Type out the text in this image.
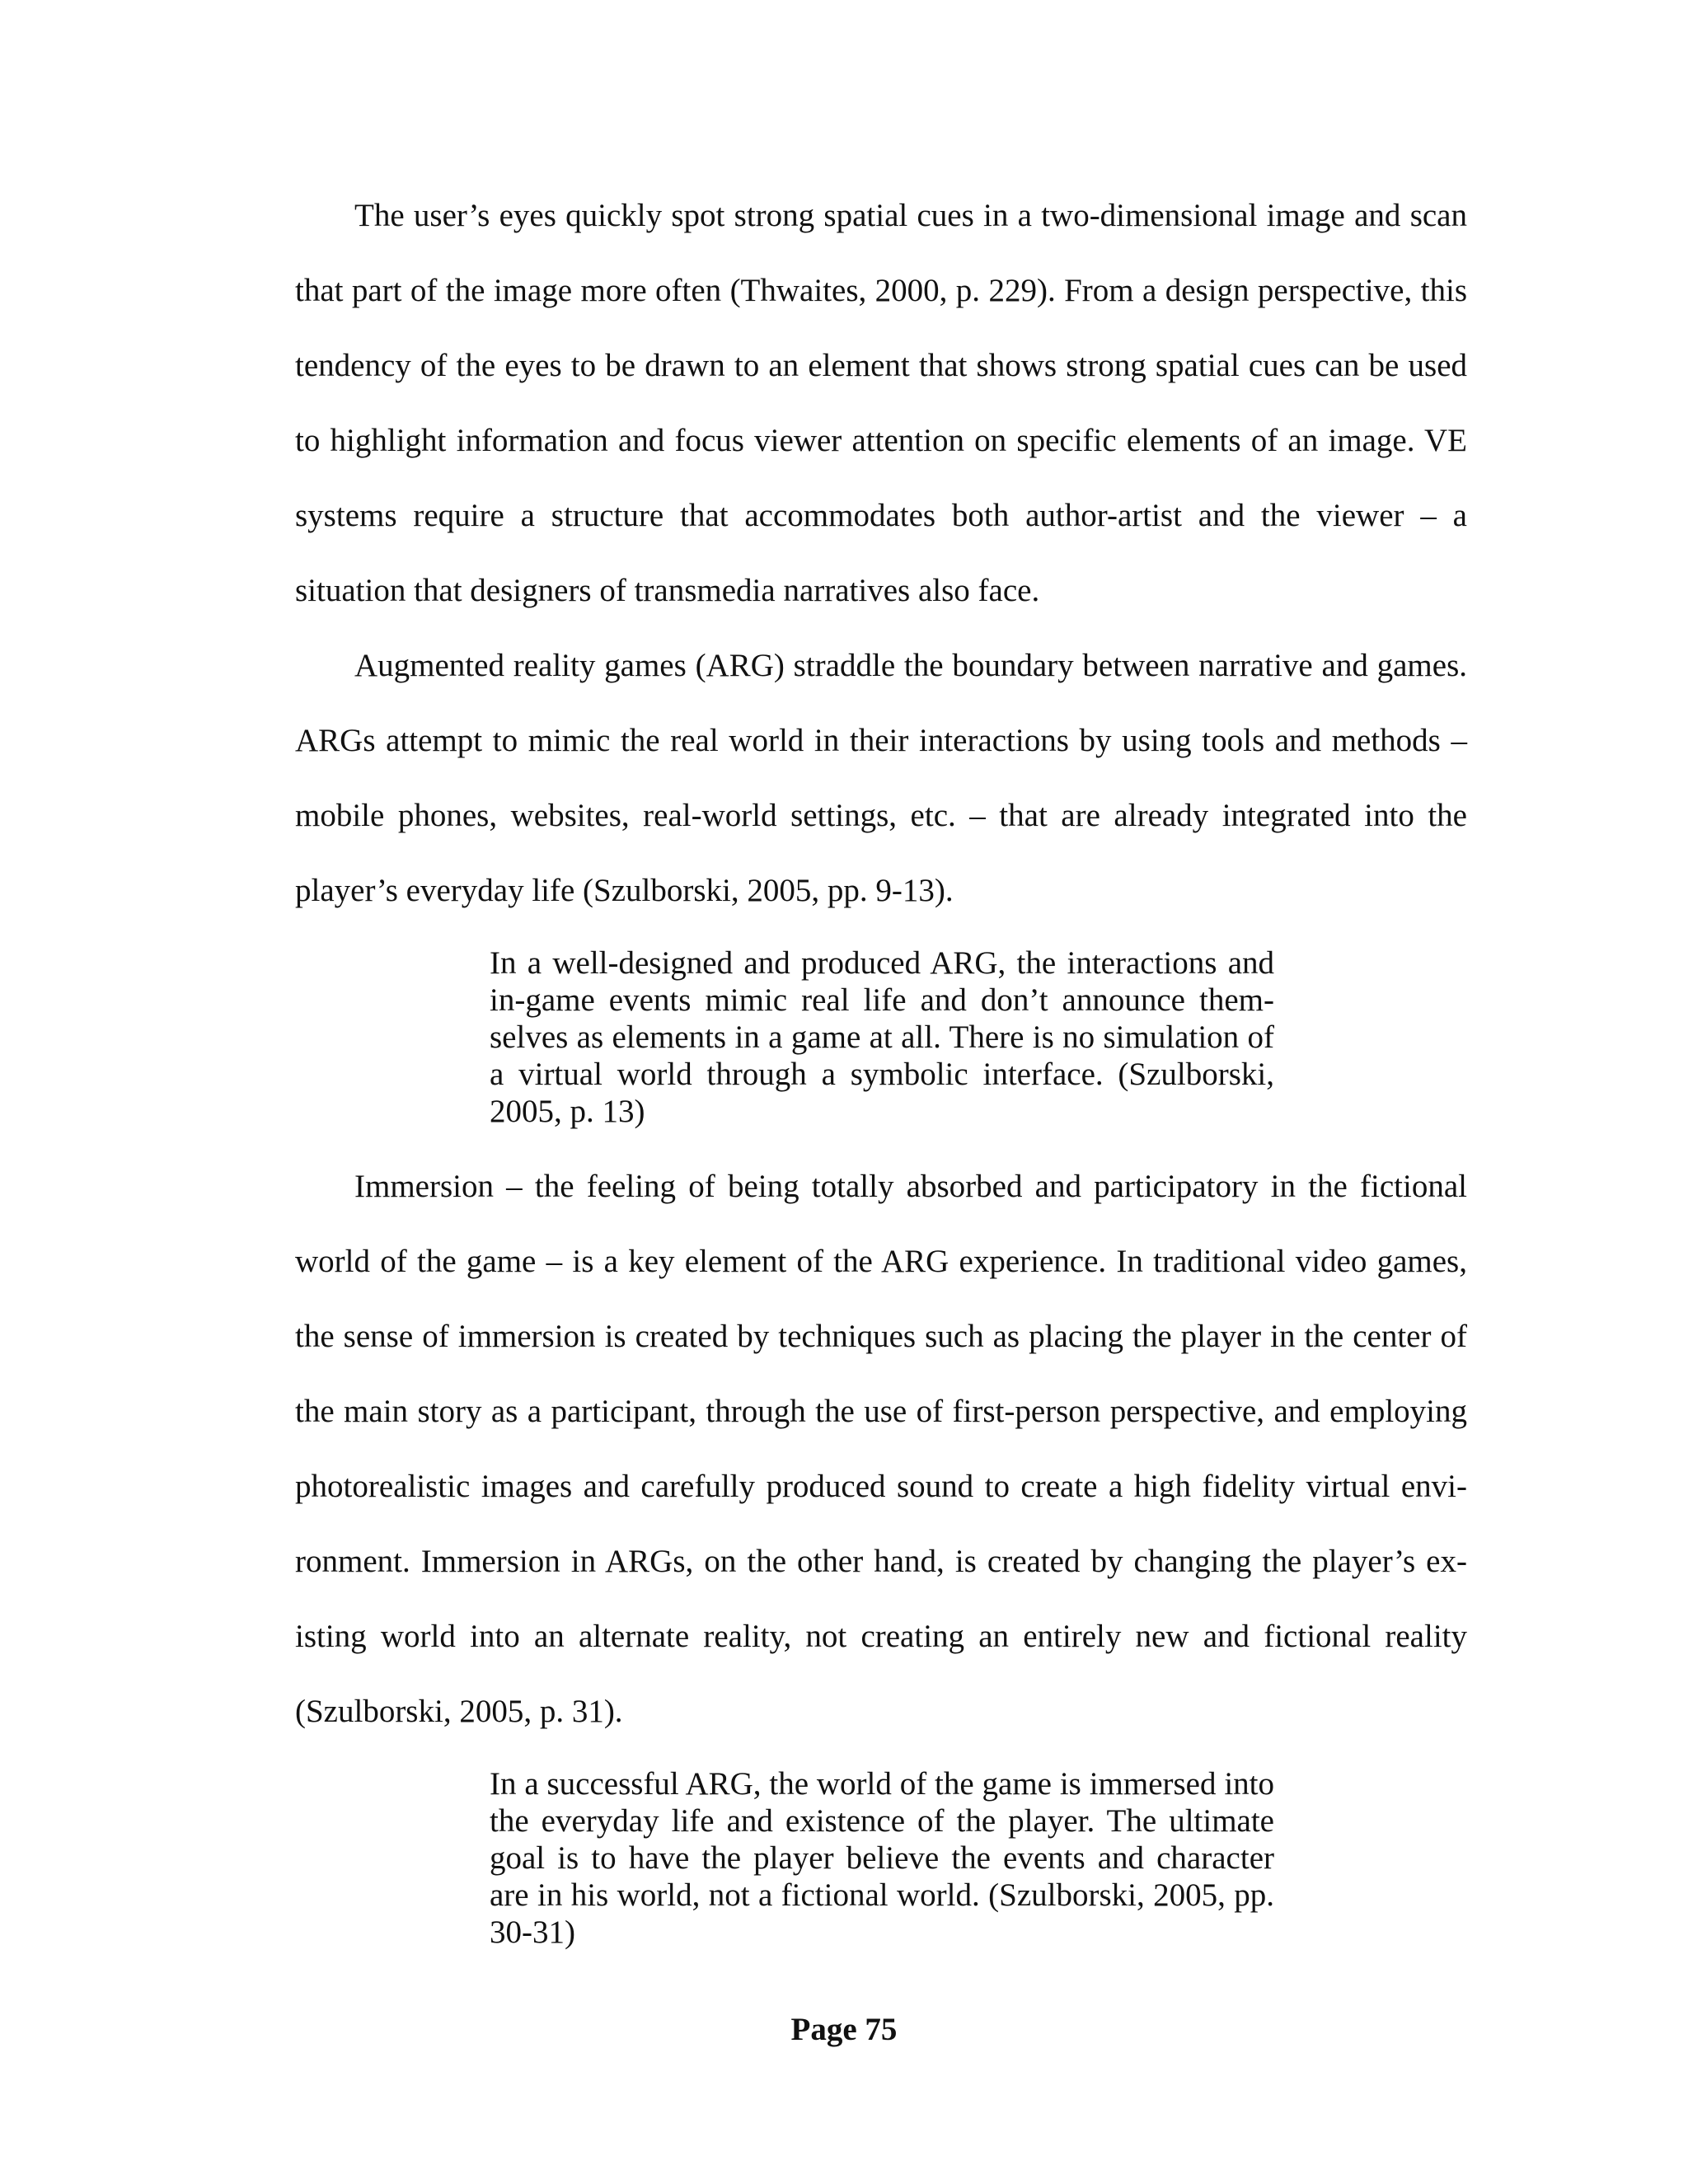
The user’s eyes quickly spot strong spatial cues in a two-dimensional image and scan that part of the image more often (Thwaites, 2000, p. 229). From a design perspective, this tendency of the eyes to be drawn to an element that shows strong spatial cues can be used to highlight information and focus viewer attention on specific elements of an image. VE systems require a structure that accommodates both author-artist and the viewer – a situation that designers of transmedia narratives also face.

Augmented reality games (ARG) straddle the boundary between narrative and games. ARGs attempt to mimic the real world in their interactions by using tools and methods – mobile phones, websites, real-world settings, etc. – that are already integrated into the player’s everyday life (Szulborski, 2005, pp. 9-13).

In a well-designed and produced ARG, the interactions and in-game events mimic real life and don’t announce themselves as elements in a game at all. There is no simulation of a virtual world through a symbolic interface. (Szulborski, 2005, p. 13)

Immersion – the feeling of being totally absorbed and participatory in the fictional world of the game – is a key element of the ARG experience. In traditional video games, the sense of immersion is created by techniques such as placing the player in the center of the main story as a participant, through the use of first-person perspective, and employing photorealistic images and carefully produced sound to create a high fidelity virtual environment. Immersion in ARGs, on the other hand, is created by changing the player’s existing world into an alternate reality, not creating an entirely new and fictional reality (Szulborski, 2005, p. 31).

In a successful ARG, the world of the game is immersed into the everyday life and existence of the player. The ultimate goal is to have the player believe the events and character are in his world, not a fictional world. (Szulborski, 2005, pp. 30-31)
Page 75
